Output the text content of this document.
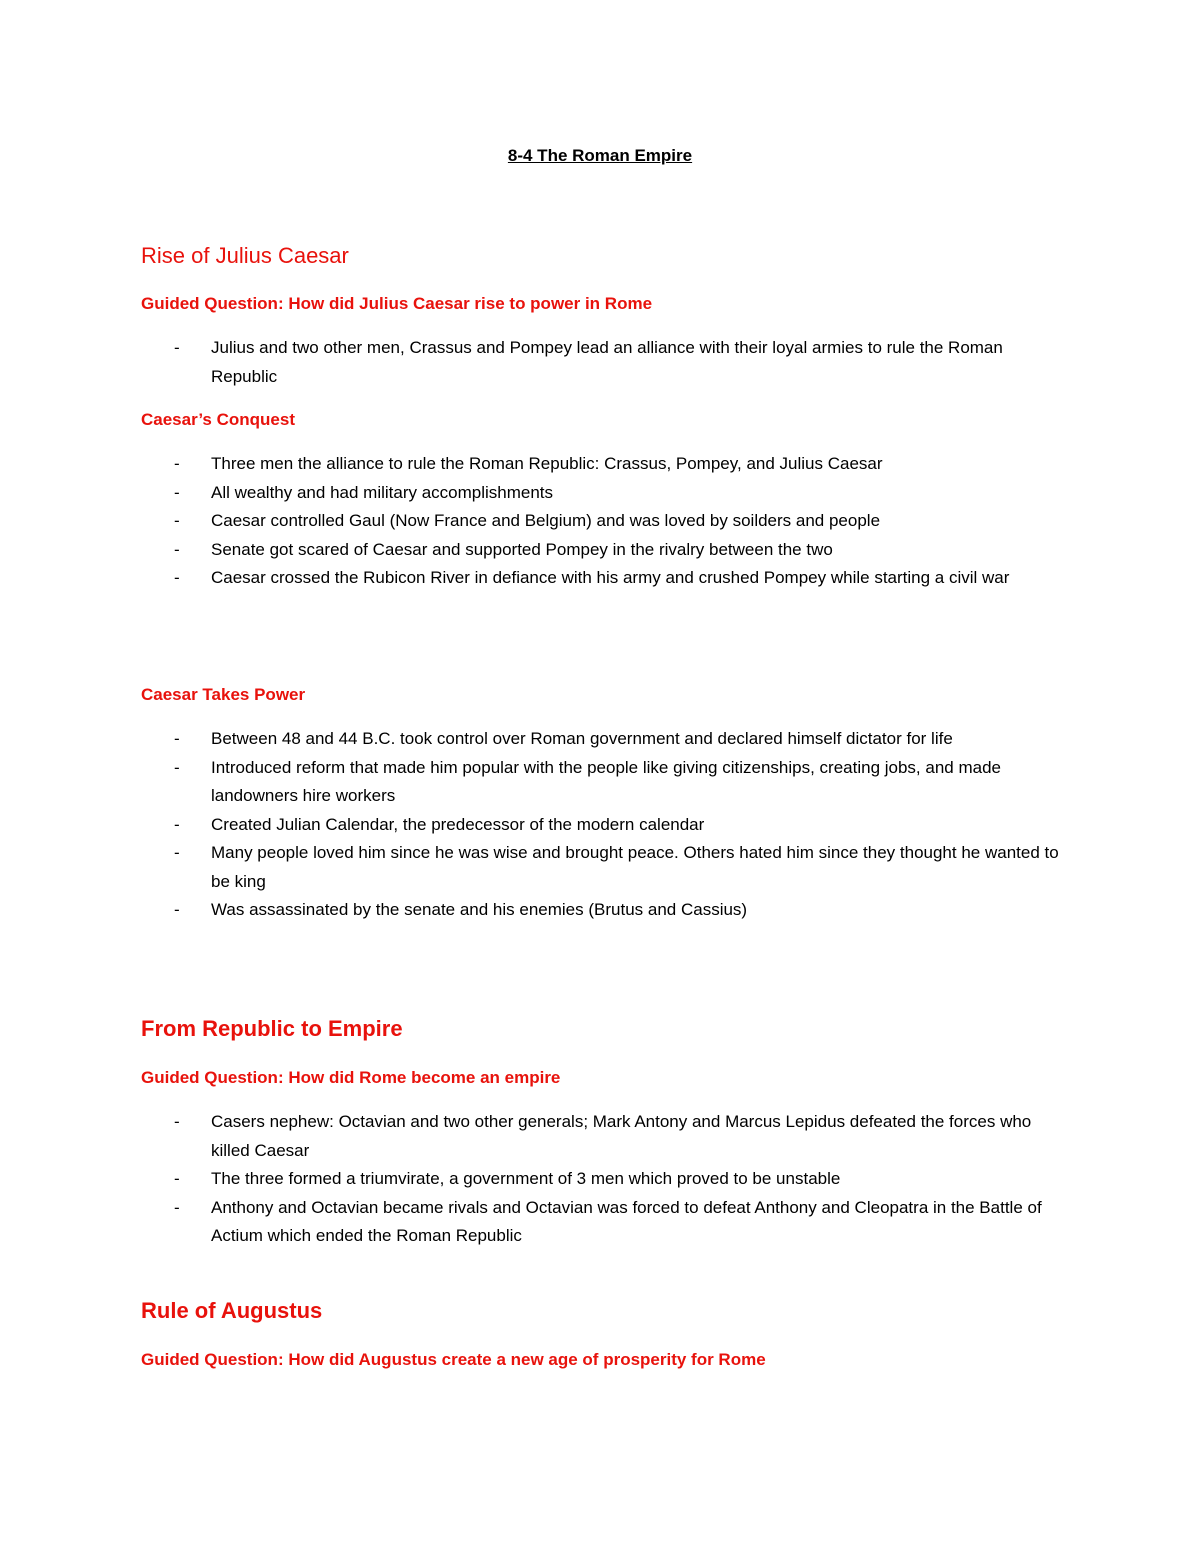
8-4 The Roman Empire
Rise of Julius Caesar
Guided Question: How did Julius Caesar rise to power in Rome
- Julius and two other men, Crassus and Pompey lead an alliance with their loyal armies to rule the Roman Republic
Caesar’s Conquest
- Three men the alliance to rule the Roman Republic: Crassus, Pompey, and Julius Caesar
- All wealthy and had military accomplishments
- Caesar controlled Gaul (Now France and Belgium) and was loved by soilders and people
- Senate got scared of Caesar and supported Pompey in the rivalry between the two
- Caesar crossed the Rubicon River in defiance with his army and crushed Pompey while starting a civil war
Caesar Takes Power
- Between 48 and 44 B.C. took control over Roman government and declared himself dictator for life
- Introduced reform that made him popular with the people like giving citizenships, creating jobs, and made landowners hire workers
- Created Julian Calendar, the predecessor of the modern calendar
- Many people loved him since he was wise and brought peace. Others hated him since they thought he wanted to be king
- Was assassinated by the senate and his enemies (Brutus and Cassius)
From Republic to Empire
Guided Question: How did Rome become an empire
- Casers nephew: Octavian and two other generals; Mark Antony and Marcus Lepidus defeated the forces who killed Caesar
- The three formed a triumvirate, a government of 3 men which proved to be unstable
- Anthony and Octavian became rivals and Octavian was forced to defeat Anthony and Cleopatra in the Battle of Actium which ended the Roman Republic
Rule of Augustus
Guided Question: How did Augustus create a new age of prosperity for Rome
